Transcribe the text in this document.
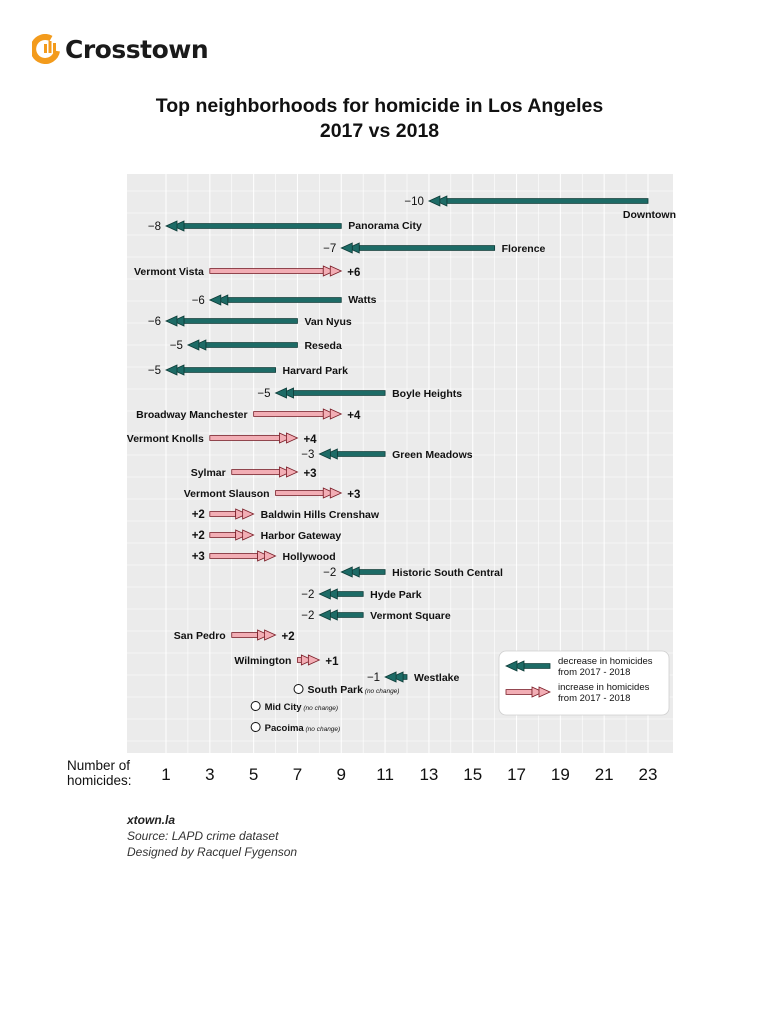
Crosstown
Top neighborhoods for homicide in Los Angeles
2017 vs 2018
1 3 5 7 9 11 13 15 17 19 21 23
−10
Downtown
−8	Panorama City
−7	Florence
Vermont Vista	+6
−6	Watts
−6	Van Nyus
−5	Reseda
−5	Harvard Park
−5	Boyle Heights
Broadway Manchester	+4
Vermont Knolls	+4
−3	Green Meadows
Sylmar	+3
Vermont Slauson	+3
+2	Baldwin Hills Crenshaw
+2	Harbor Gateway
+3	Hollywood
−2	Historic South Central
−2	Hyde Park
−2	Vermont Square
San Pedro	+2
Wilmington	+1
−1	Westlake
South Park (no change)
Mid City (no change)
Pacoima (no change)
decrease in homicides
from 2017 - 2018
increase in homicides
from 2017 - 2018
Number of
homicides:
xtown.la
Source: LAPD crime dataset
Designed by Racquel Fygenson
